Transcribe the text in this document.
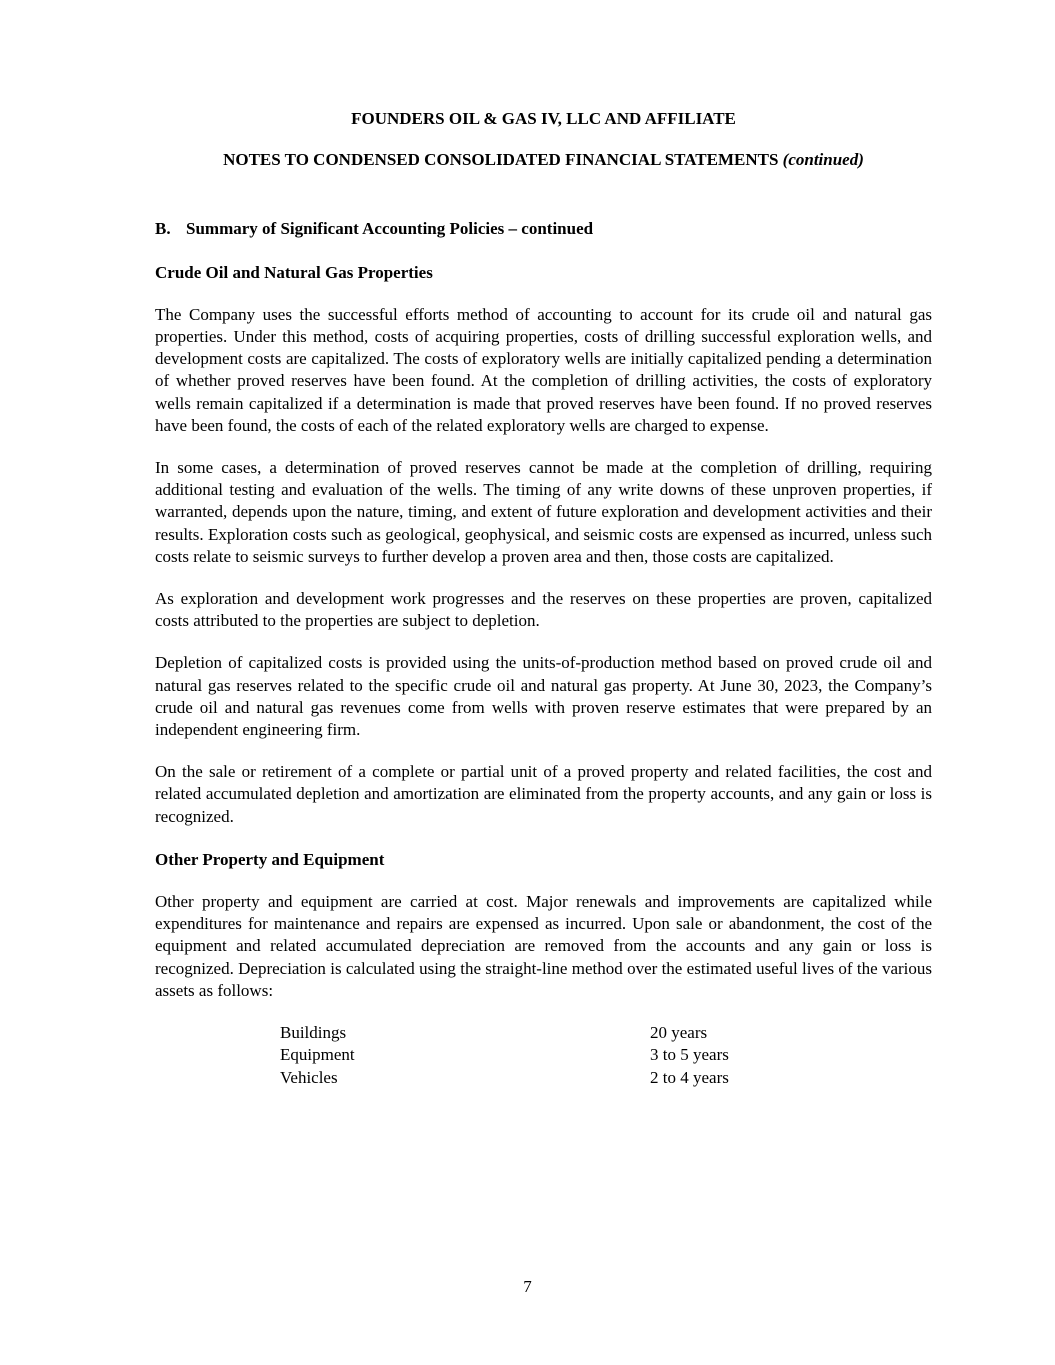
FOUNDERS OIL & GAS IV, LLC AND AFFILIATE
NOTES TO CONDENSED CONSOLIDATED FINANCIAL STATEMENTS (continued)
B. Summary of Significant Accounting Policies – continued
Crude Oil and Natural Gas Properties

The Company uses the successful efforts method of accounting to account for its crude oil and natural gas properties. Under this method, costs of acquiring properties, costs of drilling successful exploration wells, and development costs are capitalized. The costs of exploratory wells are initially capitalized pending a determination of whether proved reserves have been found. At the completion of drilling activities, the costs of exploratory wells remain capitalized if a determination is made that proved reserves have been found. If no proved reserves have been found, the costs of each of the related exploratory wells are charged to expense.

In some cases, a determination of proved reserves cannot be made at the completion of drilling, requiring additional testing and evaluation of the wells. The timing of any write downs of these unproven properties, if warranted, depends upon the nature, timing, and extent of future exploration and development activities and their results. Exploration costs such as geological, geophysical, and seismic costs are expensed as incurred, unless such costs relate to seismic surveys to further develop a proven area and then, those costs are capitalized.

As exploration and development work progresses and the reserves on these properties are proven, capitalized costs attributed to the properties are subject to depletion.

Depletion of capitalized costs is provided using the units-of-production method based on proved crude oil and natural gas reserves related to the specific crude oil and natural gas property. At June 30, 2023, the Company’s crude oil and natural gas revenues come from wells with proven reserve estimates that were prepared by an independent engineering firm.

On the sale or retirement of a complete or partial unit of a proved property and related facilities, the cost and related accumulated depletion and amortization are eliminated from the property accounts, and any gain or loss is recognized.

Other Property and Equipment

Other property and equipment are carried at cost. Major renewals and improvements are capitalized while expenditures for maintenance and repairs are expensed as incurred. Upon sale or abandonment, the cost of the equipment and related accumulated depreciation are removed from the accounts and any gain or loss is recognized. Depreciation is calculated using the straight-line method over the estimated useful lives of the various assets as follows:

Buildings	20 years
Equipment	3 to 5 years
Vehicles	2 to 4 years
7
